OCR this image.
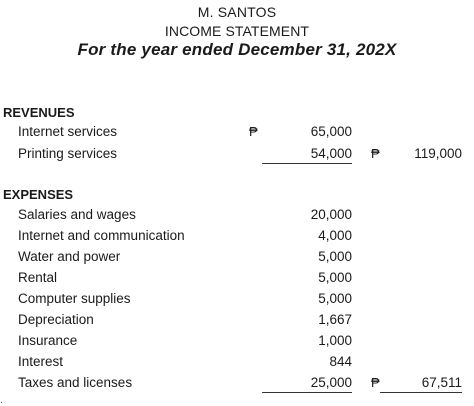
M. SANTOS
INCOME STATEMENT
For the year ended December 31, 202X
REVENUES
Internet services	₱	65,000
Printing services	54,000 ₱	119,000
EXPENSES
Salaries and wages	20,000
Internet and communication	4,000
Water and power	5,000
Rental	5,000
Computer supplies	5,000
Depreciation	1,667
Insurance	1,000
Interest	844
Taxes and licenses	25,000 ₱	67,511
.
